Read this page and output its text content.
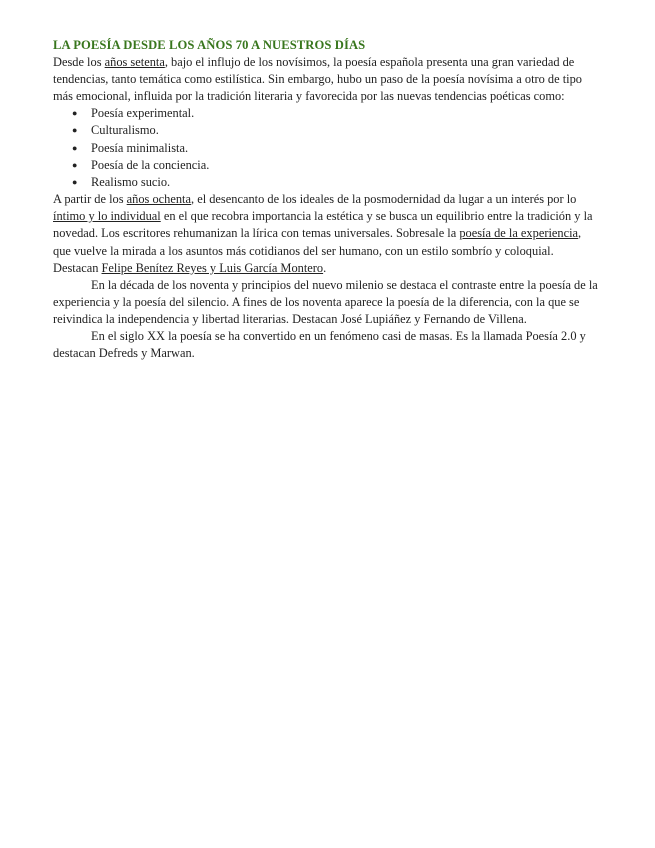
LA POESÍA DESDE LOS AÑOS 70 A NUESTROS DÍAS

Desde los años setenta, bajo el influjo de los novísimos, la poesía española presenta una gran variedad de tendencias, tanto temática como estilística. Sin embargo, hubo un paso de la poesía novísima a otro de tipo más emocional, influida por la tradición literaria y favorecida por las nuevas tendencias poéticas como:

● Poesía experimental.
● Culturalismo.
● Poesía minimalista.
● Poesía de la conciencia.
● Realismo sucio.

A partir de los años ochenta, el desencanto de los ideales de la posmodernidad da lugar a un interés por lo íntimo y lo individual en el que recobra importancia la estética y se busca un equilibrio entre la tradición y la novedad. Los escritores rehumanizan la lírica con temas universales. Sobresale la poesía de la experiencia, que vuelve la mirada a los asuntos más cotidianos del ser humano, con un estilo sombrío y coloquial. Destacan Felipe Benítez Reyes y Luis García Montero.

En la década de los noventa y principios del nuevo milenio se destaca el contraste entre la poesía de la experiencia y la poesía del silencio. A fines de los noventa aparece la poesía de la diferencia, con la que se reivindica la independencia y libertad literarias. Destacan José Lupiáñez y Fernando de Villena.

En el siglo XX la poesía se ha convertido en un fenómeno casi de masas. Es la llamada Poesía 2.0 y destacan Defreds y Marwan.
